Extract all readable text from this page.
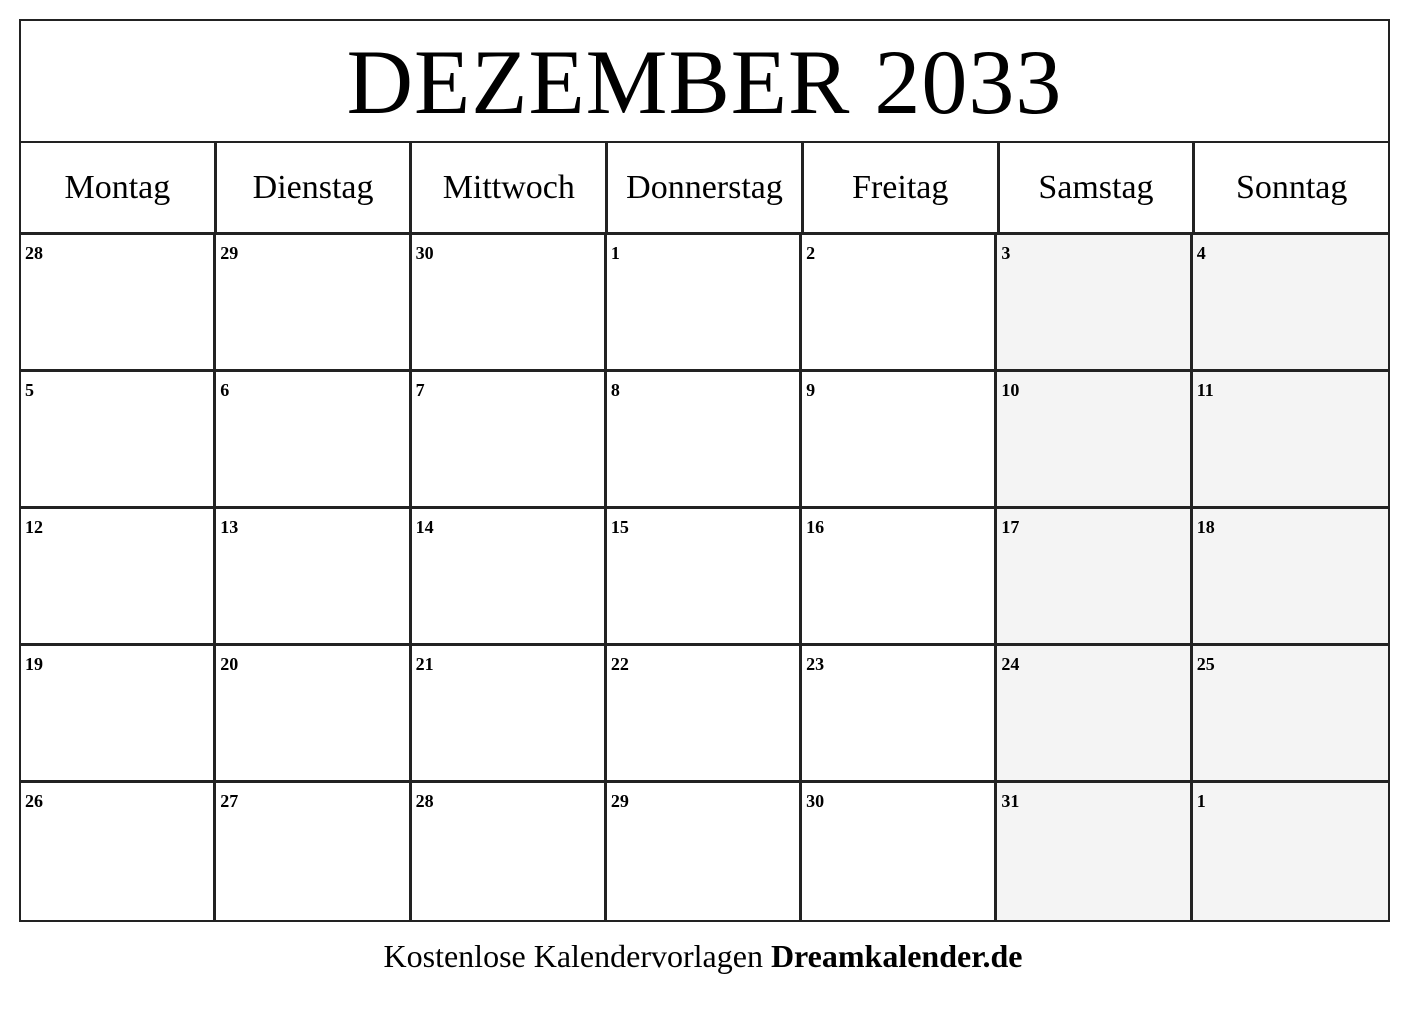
DEZEMBER 2033
Montag	Dienstag	Mittwoch	Donnerstag	Freitag	Samstag	Sonntag
28	29	30	1	2	3	4
5	6	7	8	9	10	11
12	13	14	15	16	17	18
19	20	21	22	23	24	25
26	27	28	29	30	31	1
Kostenlose Kalendervorlagen Dreamkalender.de
